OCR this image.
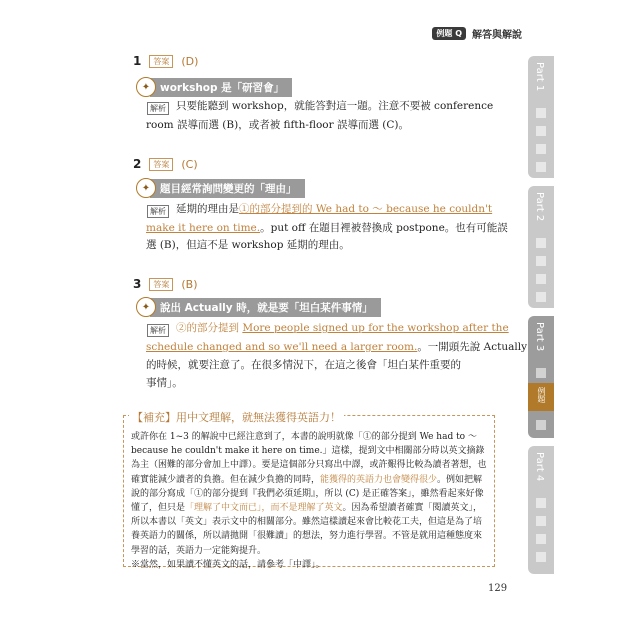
例題 Q	解答與解說
Part 1
Part 2
Part 3
例題
Part 4
1	答案	(D)
✦ workshop 是「研習會」
解析 只要能聽到 workshop，就能答對這一題。注意不要被 conference
room 誤導而選 (B)，或者被 fifth-floor 誤導而選 (C)。
2	答案	(C)
✦ 題目經常詢問變更的「理由」
解析 延期的理由是①的部分提到的 We had to ～ because he couldn't
make it here on time.。put off 在題目裡被替換成 postpone。也有可能誤
選 (B)，但這不是 workshop 延期的理由。
3	答案	(B)
✦ 說出 Actually 時，就是要「坦白某件事情」
解析 ②的部分提到 More people signed up for the workshop after the
schedule changed and so we'll need a larger room.。一開頭先說 Actually
的時候，就要注意了。在很多情況下，在這之後會「坦白某件重要的
事情」。
【補充】用中文理解，就無法獲得英語力！
或許你在 1~3 的解說中已經注意到了，本書的說明就像「①的部分提到 We had to ～ because he couldn't make it here on time.」這樣，提到文中相關部分時以英文摘錄為主（困難的部分會加上中譯）。要是這個部分只寫出中譯，或許艱得比較為讀者著想，也確實能減少讀者的負擔。但在減少負擔的同時，能獲得的英語力也會變得很少。例如把解說的部分寫成「①的部分提到『我們必須延期』，所以 (C) 是正確答案」，雖然看起來好像懂了，但只是「理解了中文而已」，而不是理解了英文。因為希望讀者確實「閱讀英文」，所以本書以「英文」表示文中的相關部分。雖然這樣讀起來會比較花工夫，但這是為了培養英語力的關係，所以請拋開「很難讀」的想法，努力進行學習。不管是就用這種態度來學習的話，英語力一定能夠提升。
※當然，如果讀不懂英文的話，請參考「中譯」。
129
